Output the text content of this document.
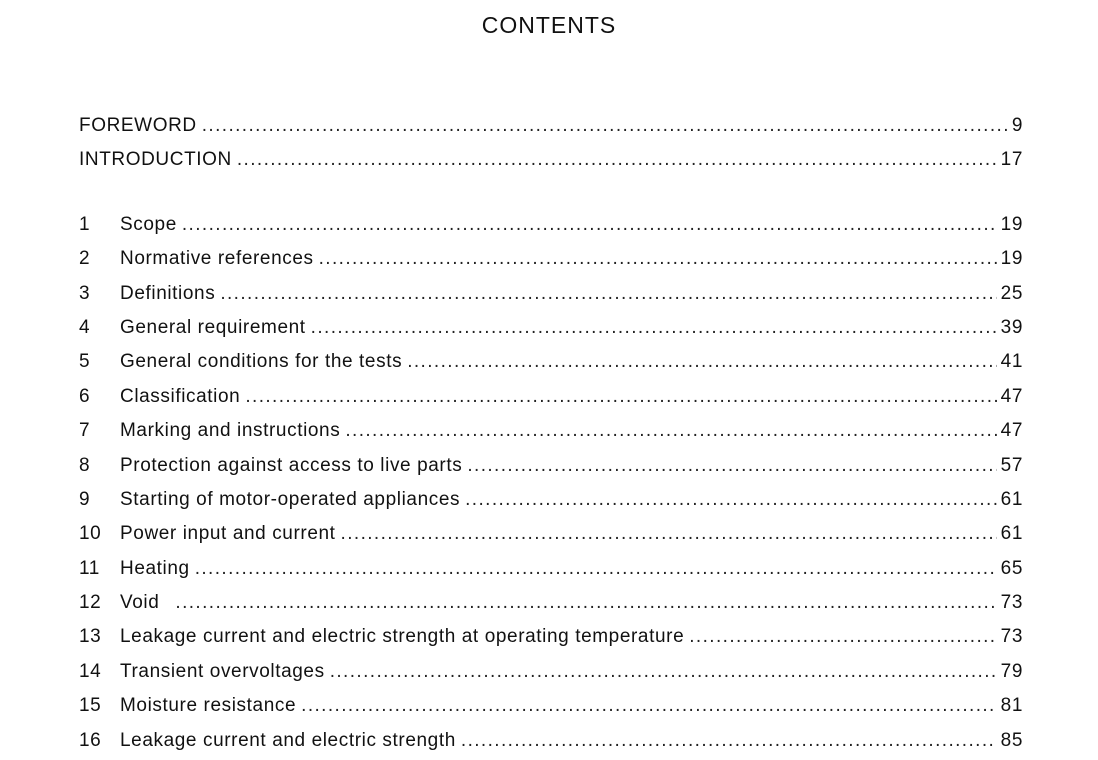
CONTENTS
FOREWORD .....	9
INTRODUCTION .....	17
1	Scope .....	19
2	Normative references .....	19
3	Definitions .....	25
4	General requirement .....	39
5	General conditions for the tests .....	41
6	Classification .....	47
7	Marking and instructions .....	47
8	Protection against access to live parts .....	57
9	Starting of motor-operated appliances .....	61
10 Power input and current .....	61
11	Heating .....	65
12 Void .....	73
13 Leakage current and electric strength at operating temperature .....	73
14 Transient overvoltages .....	79
15 Moisture resistance .....	81
16 Leakage current and electric strength .....	85
